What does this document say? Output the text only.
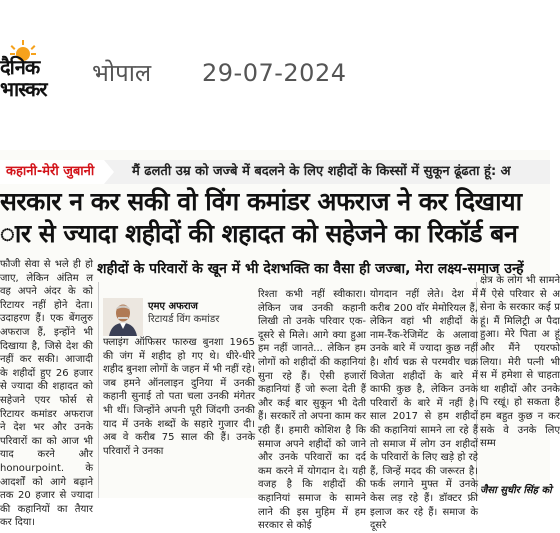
दैनिक
भास्कर
भोपाल 29-07-2024
कहानी-मेरी जुबानी	मैं ढलती उम्र को जज्बे में बदलने के लिए शहीदों के किस्सों में सुकून ढूंढता हूं: अ
सरकार न कर सकी वो विंग कमांडर अफराज ने कर दिखाया
ार से ज्यादा शहीदों की शहादत को सहेजने का रिकॉर्ड बन
शहीदों के परिवारों के खून में भी देशभक्ति का वैसा ही जज्बा, मेरा लक्ष्य-समाज उन्हें

फौजी सेवा से भले ही हो जाए, लेकिन अंतिम ल वह अपने अंदर के को रिटायर नहीं होने देता। उदाहरण हैं। एक बेंगलुरु अफराज हैं, इन्होंने भी दिखाया है, जिसे देश की नहीं कर सकी। आजादी के शहीदों हुए 26 हजार से ज्यादा की शहादत को सहेजने एयर फोर्स से रिटायर कमांडर अफराज ने देश भर और उनके परिवारों का को आज भी याद करने और honourpoint. के आदर्शों को आगे बढ़ाने तक 20 हजार से ज्यादा की कहानियों का तैयार कर दिया।

एमए अफराज
रिटायर्ड विंग कमांडर

फ्लाइंग ऑफिसर फारुख बुनशा 1965 की जंग में शहीद हो गए थे। धीरे-धीरे शहीद बुनशा लोगों के जहन में भी नहीं रहे। जब हमने ऑनलाइन दुनिया में उनकी कहानी सुनाई तो पता चला उनकी मंगेतर भी थीं। जिन्होंने अपनी पूरी जिंदगी उनकी याद में उनके शब्दों के सहारे गुजार दी। अब वे करीब 75 साल की हैं। उनके परिवारों ने उनका

रिश्ता कभी नहीं स्वीकारा। लेकिन जब उनकी कहानी लिखी तो उनके परिवार एक-दूसरे से मिले। आगे क्या हुआ हम नहीं जानते... लेकिन हम लोगों को शहीदों की कहानियां सुना रहे हैं। ऐसी हजारों कहानियां हैं जो रूला देती हैं और कई बार सुकून भी देती हैं। सरकारें तो अपना काम कर रही हैं। हमारी कोशिश है कि समाज अपने शहीदों को जाने और उनके परिवारों का दर्द कम करने में योगदान दे। यही वजह है कि शहीदों की कहानियां समाज के सामने लाने की इस मुहिम में हम सरकार से कोई

योगदान नहीं लेते। देश में करीब 200 वॉर मेमोरियल हैं, लेकिन वहां भी शहीदों के नाम-रैंक-रेजिमेंट के अलावा उनके बारे में ज्यादा कुछ नहीं है। शौर्य चक्र से परमवीर चक्र विजेता शहीदों के बारे में काफी कुछ है, लेकिन उनके परिवारों के बारे में नहीं है। साल 2017 से हम शहीदों की कहानियां सामने ला रहे हैं तो समाज में लोग उन शहीदों के परिवारों के लिए खड़े हो रहे हैं, जिन्हें मदद की जरूरत है। फर्क लगाने मुफ्त में उनके केस लड़ रहे हैं। डॉक्टर फ्री इलाज कर रहे हैं। समाज के दूसरे

क्षेत्र के लोग भी सामने मैं ऐसे परिवार से अ सेना के सरकार कई प्र हूं। मैं मिलिट्री अ पैदा हुआ। मेरे पिता अ हूं और मैंने एयरफो लिया। मेरी पत्नी भी स में हमेशा से चाहता था शहीदों और उनके पि रखूं। हो सकता है हम बहुत कुछ न कर सके वे उनके लिए सम्म

जैसा सुधीर सिंह को
